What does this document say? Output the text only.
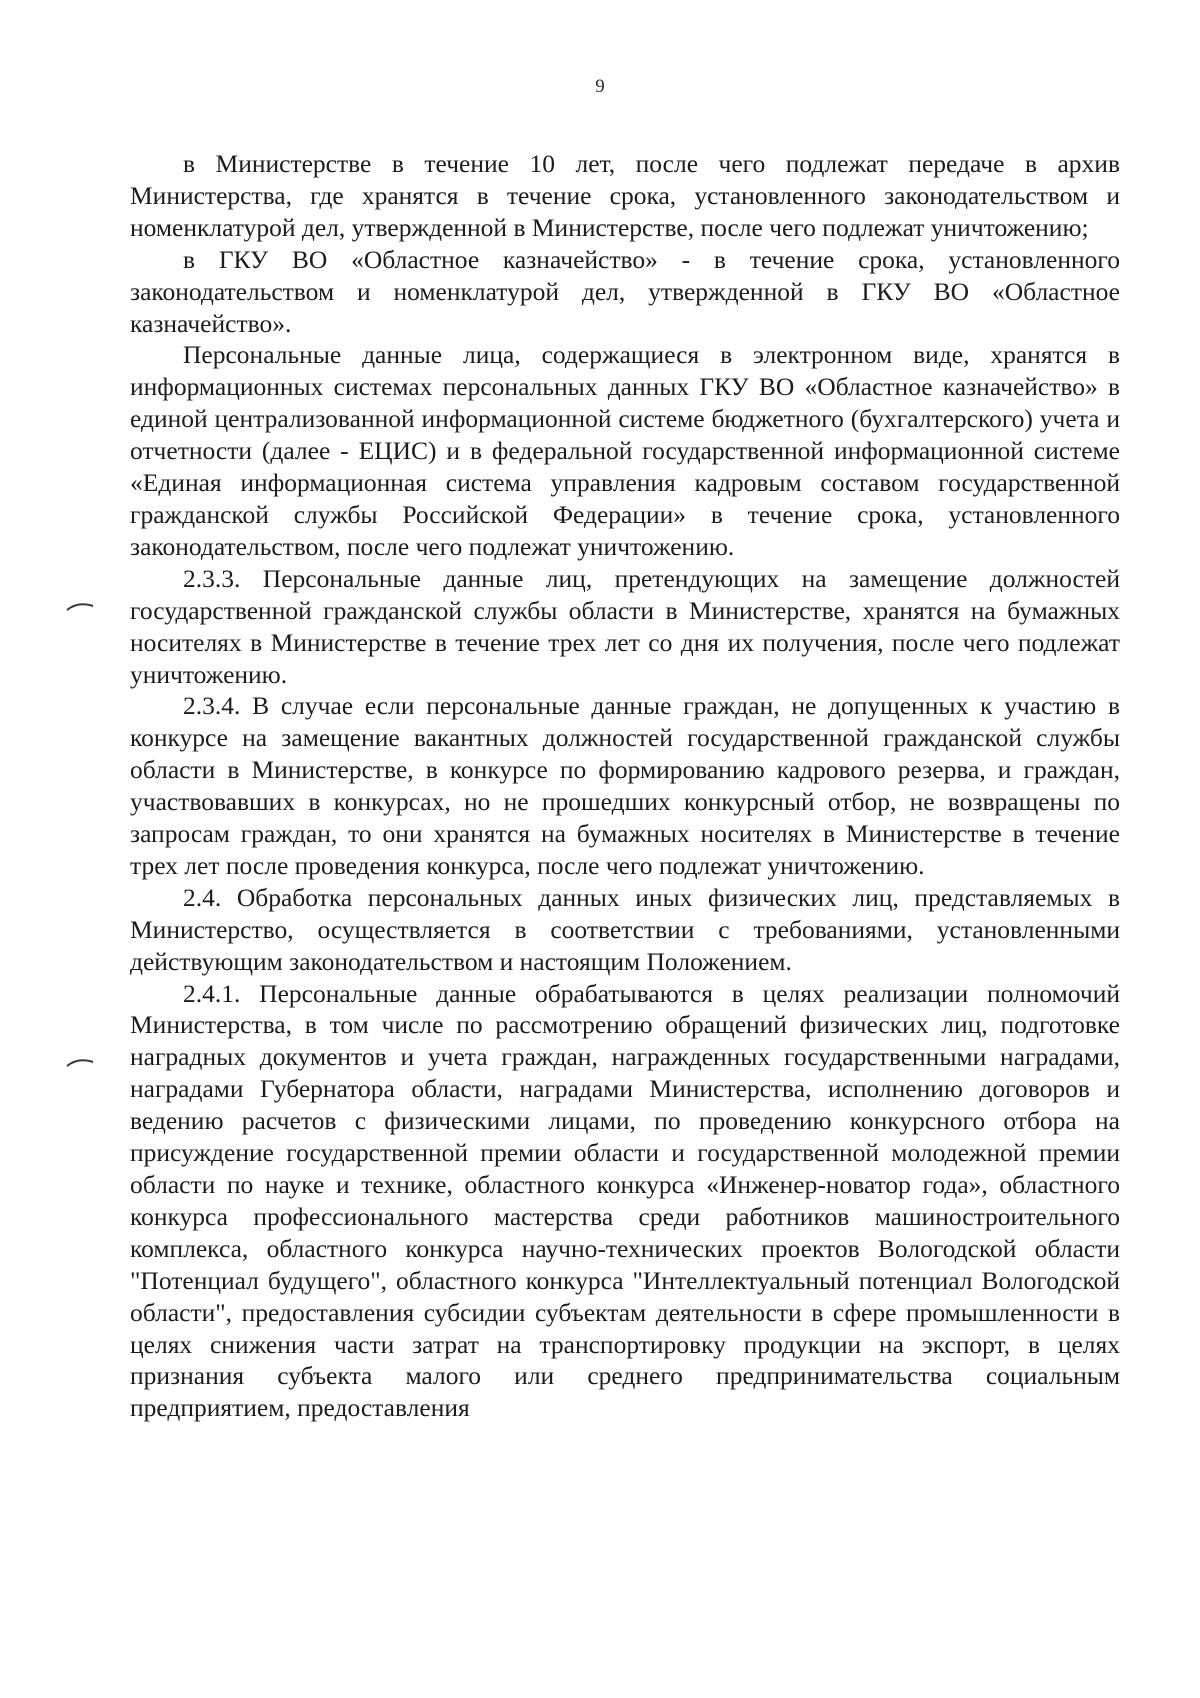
9

в Министерстве в течение 10 лет, после чего подлежат передаче в архив Министерства, где хранятся в течение срока, установленного законодательством и номенклатурой дел, утвержденной в Министерстве, после чего подлежат уничтожению;

в ГКУ ВО «Областное казначейство» - в течение срока, установленного законодательством и номенклатурой дел, утвержденной в ГКУ ВО «Областное казначейство».

Персональные данные лица, содержащиеся в электронном виде, хранятся в информационных системах персональных данных ГКУ ВО «Областное казначейство» в единой централизованной информационной системе бюджетного (бухгалтерского) учета и отчетности (далее - ЕЦИС) и в федеральной государственной информационной системе «Единая информационная система управления кадровым составом государственной гражданской службы Российской Федерации» в течение срока, установленного законодательством, после чего подлежат уничтожению.

2.3.3. Персональные данные лиц, претендующих на замещение должностей государственной гражданской службы области в Министерстве, хранятся на бумажных носителях в Министерстве в течение трех лет со дня их получения, после чего подлежат уничтожению.

2.3.4. В случае если персональные данные граждан, не допущенных к участию в конкурсе на замещение вакантных должностей государственной гражданской службы области в Министерстве, в конкурсе по формированию кадрового резерва, и граждан, участвовавших в конкурсах, но не прошедших конкурсный отбор, не возвращены по запросам граждан, то они хранятся на бумажных носителях в Министерстве в течение трех лет после проведения конкурса, после чего подлежат уничтожению.

2.4. Обработка персональных данных иных физических лиц, представляемых в Министерство, осуществляется в соответствии с требованиями, установленными действующим законодательством и настоящим Положением.

2.4.1. Персональные данные обрабатываются в целях реализации полномочий Министерства, в том числе по рассмотрению обращений физических лиц, подготовке наградных документов и учета граждан, награжденных государственными наградами, наградами Губернатора области, наградами Министерства, исполнению договоров и ведению расчетов с физическими лицами, по проведению конкурсного отбора на присуждение государственной премии области и государственной молодежной премии области по науке и технике, областного конкурса «Инженер-новатор года», областного конкурса профессионального мастерства среди работников машиностроительного комплекса, областного конкурса научно-технических проектов Вологодской области "Потенциал будущего", областного конкурса "Интеллектуальный потенциал Вологодской области", предоставления субсидии субъектам деятельности в сфере промышленности в целях снижения части затрат на транспортировку продукции на экспорт, в целях признания субъекта малого или среднего предпринимательства социальным предприятием, предоставления
